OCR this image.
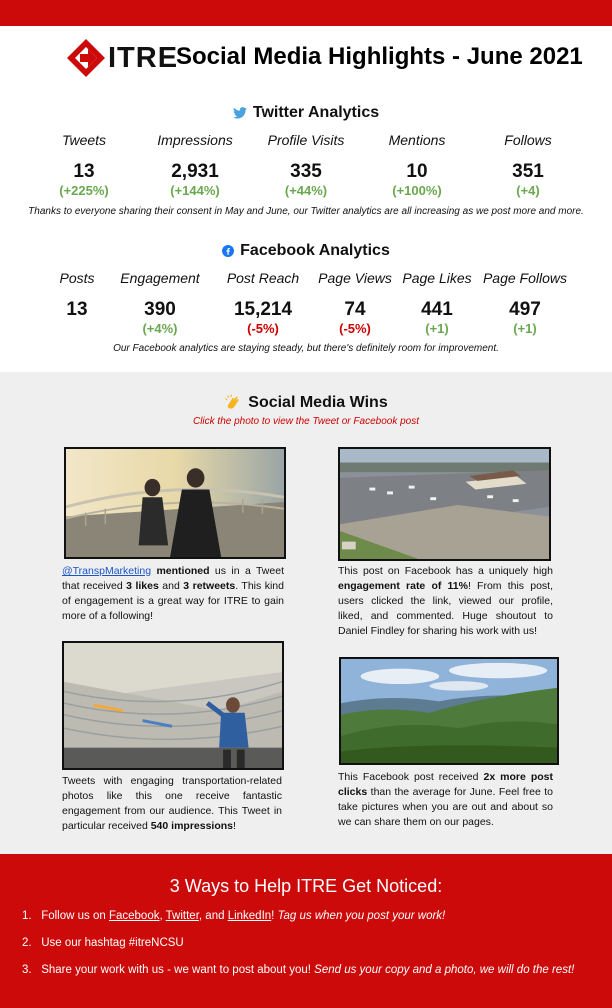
ITRE
Social Media Highlights - June 2021
Twitter Analytics
Tweets
13
(+225%)
Impressions
2,931
(+144%)
Profile Visits
335
(+44%)
Mentions
10
(+100%)
Follows
351
(+4)
Thanks to everyone sharing their consent in May and June, our Twitter analytics are all increasing as we post more and more.
Facebook Analytics
Posts
13
Engagement
390
(+4%)
Post Reach
15,214
(-5%)
Page Views
74
(-5%)
Page Likes
441
(+1)
Page Follows
497
(+1)
Our Facebook analytics are staying steady, but there's definitely room for improvement.
Social Media Wins
Click the photo to view the Tweet or Facebook post
@TranspMarketing mentioned us in a Tweet that received 3 likes and 3 retweets. This kind of engagement is a great way for ITRE to gain more of a following!
This post on Facebook has a uniquely high engagement rate of 11%! From this post, users clicked the link, viewed our profile, liked, and commented. Huge shoutout to Daniel Findley for sharing his work with us!
Tweets with engaging transportation-related photos like this one receive fantastic engagement from our audience. This Tweet in particular received 540 impressions!
This Facebook post received 2x more post clicks than the average for June. Feel free to take pictures when you are out and about so we can share them on our pages.
3 Ways to Help ITRE Get Noticed:
1. Follow us on Facebook, Twitter, and LinkedIn! Tag us when you post your work!
2. Use our hashtag #itreNCSU
3. Share your work with us - we want to post about you! Send us your copy and a photo, we will do the rest!
